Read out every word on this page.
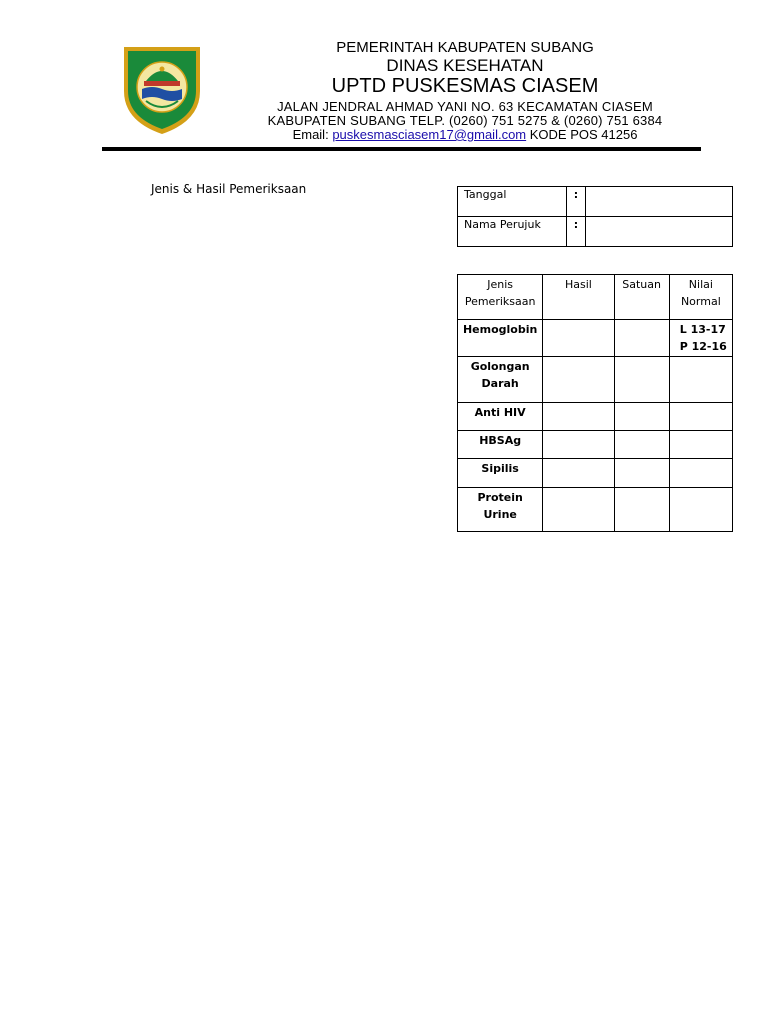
PEMERINTAH KABUPATEN SUBANG
DINAS KESEHATAN
UPTD PUSKESMAS CIASEM
JALAN JENDRAL AHMAD YANI NO. 63 KECAMATAN CIASEM
KABUPATEN SUBANG TELP. (0260) 751 5275 & (0260) 751 6384
Email: puskesmasciasem17@gmail.com KODE POS 41256
Jenis & Hasil Pemeriksaan	Tanggal	:	
Nama Perujuk	:	
Jenis Pemeriksaan	Hasil	Satuan	Nilai Normal
Hemoglobin			L 13-17
P 12-16
Golongan Darah			
Anti HIV			
HBSAg			
Sipilis			
Protein Urine			
